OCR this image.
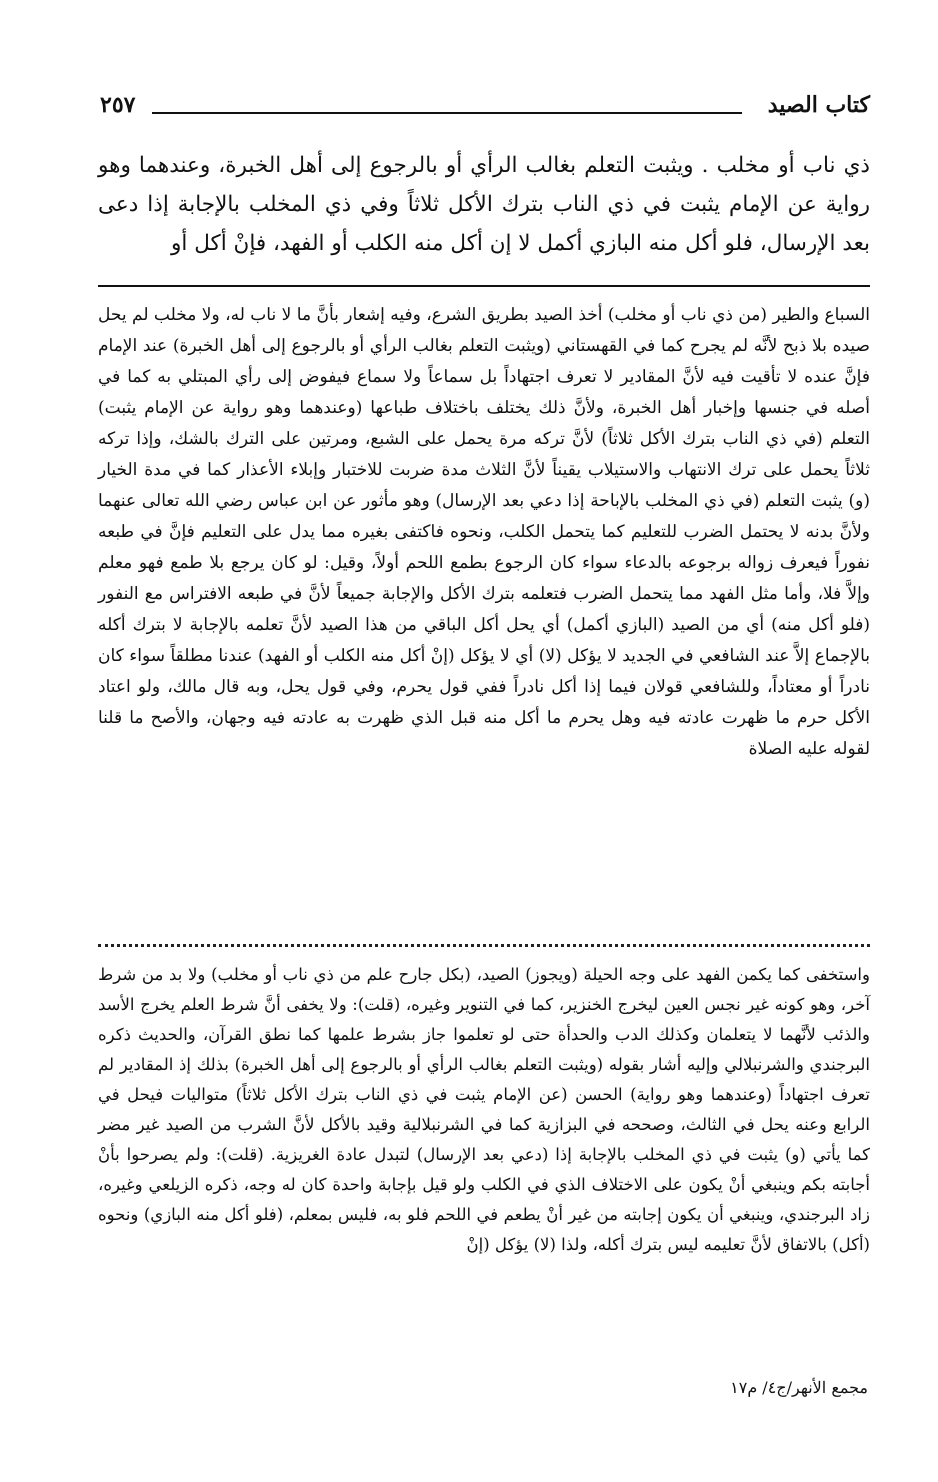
كتاب الصيد
٢٥٧

ذي ناب أو مخلب . ويثبت التعلم بغالب الرأي أو بالرجوع إلى أهل الخبرة، وعندهما وهو رواية عن الإمام يثبت في ذي الناب بترك الأكل ثلاثاً وفي ذي المخلب بالإجابة إذا دعى بعد الإرسال، فلو أكل منه البازي أكمل لا إن أكل منه الكلب أو الفهد، فإنْ أكل أو

السباع والطير (من ذي ناب أو مخلب) أخذ الصيد بطريق الشرع، وفيه إشعار بأنَّ ما لا ناب له، ولا مخلب لم يحل صيده بلا ذبح لأنَّه لم يجرح كما في القهستاني (ويثبت التعلم بغالب الرأي أو بالرجوع إلى أهل الخبرة) عند الإمام فإنَّ عنده لا تأقيت فيه لأنَّ المقادير لا تعرف اجتهاداً بل سماعاً ولا سماع فيفوض إلى رأي المبتلي به كما في أصله في جنسها وإخبار أهل الخبرة، ولأنَّ ذلك يختلف باختلاف طباعها (وعندهما وهو رواية عن الإمام يثبت) التعلم (في ذي الناب بترك الأكل ثلاثاً) لأنَّ تركه مرة يحمل على الشبع، ومرتين على الترك بالشك، وإذا تركه ثلاثاً يحمل على ترك الانتهاب والاستيلاب يقيناً لأنَّ الثلاث مدة ضربت للاختبار وإبلاء الأعذار كما في مدة الخيار (و) يثبت التعلم (في ذي المخلب بالإباحة إذا دعي بعد الإرسال) وهو مأثور عن ابن عباس رضي الله تعالى عنهما ولأنَّ بدنه لا يحتمل الضرب للتعليم كما يتحمل الكلب، ونحوه فاكتفى بغيره مما يدل على التعليم فإنَّ في طبعه نفوراً فيعرف زواله برجوعه بالدعاء سواء كان الرجوع بطمع اللحم أولاً، وقيل: لو كان يرجع بلا طمع فهو معلم وإلاَّ فلا، وأما مثل الفهد مما يتحمل الضرب فتعلمه بترك الأكل والإجابة جميعاً لأنَّ في طبعه الافتراس مع النفور (فلو أكل منه) أي من الصيد (البازي أكمل) أي يحل أكل الباقي من هذا الصيد لأنَّ تعلمه بالإجابة لا بترك أكله بالإجماع إلاَّ عند الشافعي في الجديد لا يؤكل (لا) أي لا يؤكل (إنْ أكل منه الكلب أو الفهد) عندنا مطلقاً سواء كان نادراً أو معتاداً، وللشافعي قولان فيما إذا أكل نادراً ففي قول يحرم، وفي قول يحل، وبه قال مالك، ولو اعتاد الأكل حرم ما ظهرت عادته فيه وهل يحرم ما أكل منه قبل الذي ظهرت به عادته فيه وجهان، والأصح ما قلنا لقوله عليه الصلاة

واستخفى كما يكمن الفهد على وجه الحيلة (ويجوز) الصيد، (بكل جارح علم من ذي ناب أو مخلب) ولا بد من شرط آخر، وهو كونه غير نجس العين ليخرج الخنزير، كما في التنوير وغيره، (قلت): ولا يخفى أنَّ شرط العلم يخرج الأسد والذئب لأنَّهما لا يتعلمان وكذلك الدب والحدأة حتى لو تعلموا جاز بشرط علمها كما نطق القرآن، والحديث ذكره البرجندي والشرنبلالي وإليه أشار بقوله (ويثبت التعلم بغالب الرأي أو بالرجوع إلى أهل الخبرة) بذلك إذ المقادير لم تعرف اجتهاداً (وعندهما وهو رواية) الحسن (عن الإمام يثبت في ذي الناب بترك الأكل ثلاثاً) متواليات فيحل في الرابع وعنه يحل في الثالث، وصححه في البزازية كما في الشرنبلالية وقيد بالأكل لأنَّ الشرب من الصيد غير مضر كما يأتي (و) يثبت في ذي المخلب بالإجابة إذا (دعي بعد الإرسال) لتبدل عادة الغريزية. (قلت): ولم يصرحوا بأنْ أجابته بكم وينبغي أنْ يكون على الاختلاف الذي في الكلب ولو قيل بإجابة واحدة كان له وجه، ذكره الزيلعي وغيره، زاد البرجندي، وينبغي أن يكون إجابته من غير أنْ يطعم في اللحم فلو به، فليس بمعلم، (فلو أكل منه البازي) ونحوه (أكل) بالاتفاق لأنَّ تعليمه ليس بترك أكله، ولذا (لا) يؤكل (إنْ

مجمع الأنهر/ج٤/ م١٧
